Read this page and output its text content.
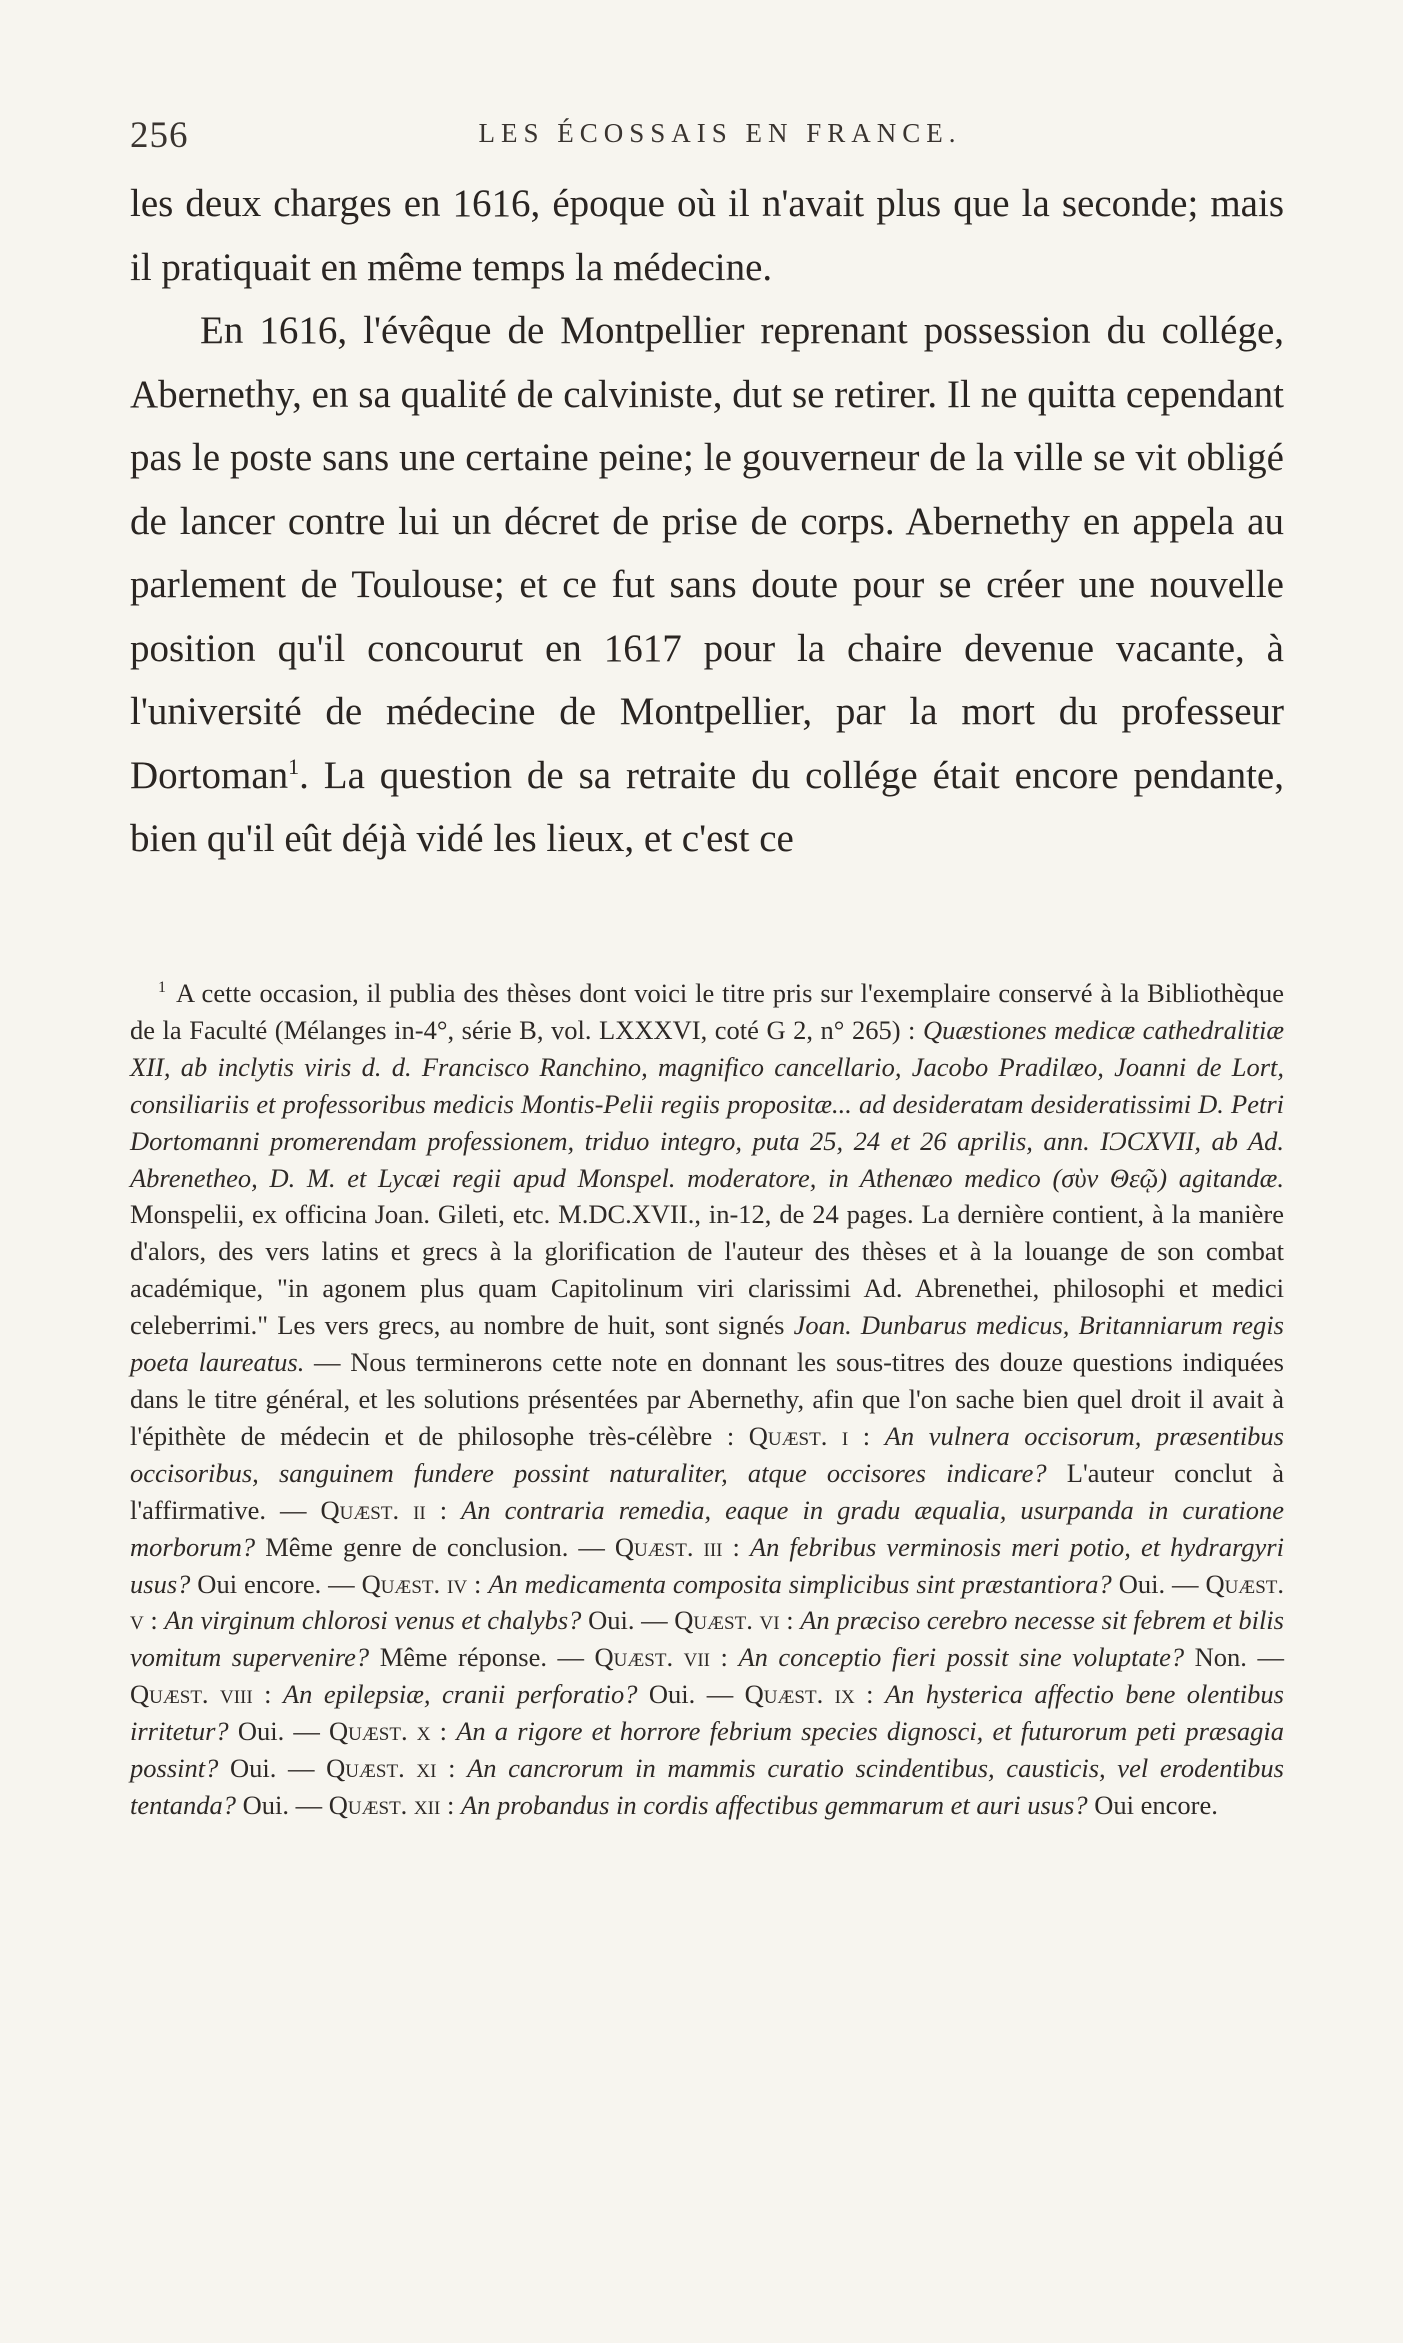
256	LES ÉCOSSAIS EN FRANCE.

les deux charges en 1616, époque où il n'avait plus que la seconde; mais il pratiquait en même temps la médecine.

En 1616, l'évêque de Montpellier reprenant possession du collége, Abernethy, en sa qualité de calviniste, dut se retirer. Il ne quitta cependant pas le poste sans une certaine peine; le gouverneur de la ville se vit obligé de lancer contre lui un décret de prise de corps. Abernethy en appela au parlement de Toulouse; et ce fut sans doute pour se créer une nouvelle position qu'il concourut en 1617 pour la chaire devenue vacante, à l'université de médecine de Montpellier, par la mort du professeur Dortoman$^1$. La question de sa retraite du collége était encore pendante, bien qu'il eût déjà vidé les lieux, et c'est ce

$^1$ A cette occasion, il publia des thèses dont voici le titre pris sur l'exemplaire conservé à la Bibliothèque de la Faculté (Mélanges in-4°, série B, vol. LXXXVI, coté G 2, n° 265) : Quæstiones medicæ cathedralitiæ XII, ab inclytis viris d. d. Francisco Ranchino, magnifico cancellario, Jacobo Pradilæo, Joanni de Lort, consiliariis et professoribus medicis Montis-Pelii regiis propositæ... ad desideratam desideratissimi D. Petri Dortomanni promerendam professionem, triduo integro, puta 25, 24 et 26 aprilis, ann. IƆCXVII, ab Ad. Abrenetheo, D. M. et Lycæi regii apud Monspel. moderatore, in Athenæo medico (σὺν Θεῷ) agitandæ. Monspelii, ex officina Joan. Gileti, etc. M.DC.XVII., in-12, de 24 pages. La dernière contient, à la manière d'alors, des vers latins et grecs à la glorification de l'auteur des thèses et à la louange de son combat académique, "in agonem plus quam Capitolinum viri clarissimi Ad. Abrenethei, philosophi et medici celeberrimi." Les vers grecs, au nombre de huit, sont signés Joan. Dunbarus medicus, Britanniarum regis poeta laureatus. — Nous terminerons cette note en donnant les sous-titres des douze questions indiquées dans le titre général, et les solutions présentées par Abernethy, afin que l'on sache bien quel droit il avait à l'épithète de médecin et de philosophe très-célèbre : Quæst. i : An vulnera occisorum, præsentibus occisoribus, sanguinem fundere possint naturaliter, atque occisores indicare? L'auteur conclut à l'affirmative. — Quæst. ii : An contraria remedia, eaque in gradu æqualia, usurpanda in curatione morborum? Même genre de conclusion. — Quæst. iii : An febribus verminosis meri potio, et hydrargyri usus? Oui encore. — Quæst. iv : An medicamenta composita simplicibus sint præstantiora? Oui. — Quæst. v : An virginum chlorosi venus et chalybs? Oui. — Quæst. vi : An præciso cerebro necesse sit febrem et bilis vomitum supervenire? Même réponse. — Quæst. vii : An conceptio fieri possit sine voluptate? Non. — Quæst. viii : An epilepsiæ, cranii perforatio? Oui. — Quæst. ix : An hysterica affectio bene olentibus irritetur? Oui. — Quæst. x : An a rigore et horrore febrium species dignosci, et futurorum peti præsagia possint? Oui. — Quæst. xi : An cancrorum in mammis curatio scindentibus, causticis, vel erodentibus tentanda? Oui. — Quæst. xii : An probandus in cordis affectibus gemmarum et auri usus? Oui encore.
